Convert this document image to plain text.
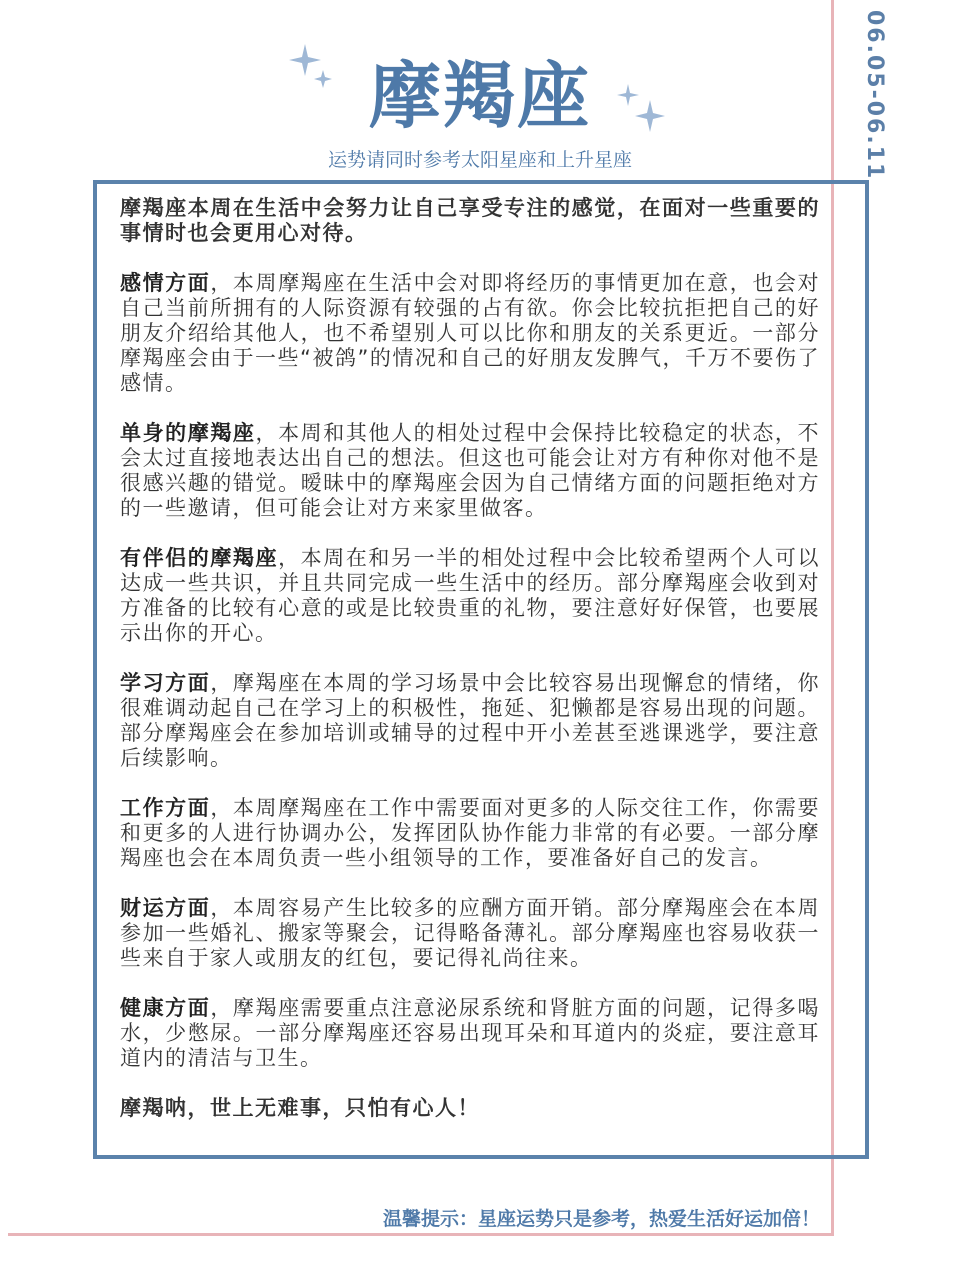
06.05-06.11
摩羯座
运势请同时参考太阳星座和上升星座

摩羯座本周在生活中会努力让自己享受专注的感觉，在面对一些重要的事情时也会更用心对待。

感情方面，本周摩羯座在生活中会对即将经历的事情更加在意，也会对自己当前所拥有的人际资源有较强的占有欲。你会比较抗拒把自己的好朋友介绍给其他人，也不希望别人可以比你和朋友的关系更近。一部分摩羯座会由于一些“被鸽”的情况和自己的好朋友发脾气，千万不要伤了感情。

单身的摩羯座，本周和其他人的相处过程中会保持比较稳定的状态，不会太过直接地表达出自己的想法。但这也可能会让对方有种你对他不是很感兴趣的错觉。暧昧中的摩羯座会因为自己情绪方面的问题拒绝对方的一些邀请，但可能会让对方来家里做客。

有伴侣的摩羯座，本周在和另一半的相处过程中会比较希望两个人可以达成一些共识，并且共同完成一些生活中的经历。部分摩羯座会收到对方准备的比较有心意的或是比较贵重的礼物，要注意好好保管，也要展示出你的开心。

学习方面，摩羯座在本周的学习场景中会比较容易出现懈怠的情绪，你很难调动起自己在学习上的积极性，拖延、犯懒都是容易出现的问题。部分摩羯座会在参加培训或辅导的过程中开小差甚至逃课逃学，要注意后续影响。

工作方面，本周摩羯座在工作中需要面对更多的人际交往工作，你需要和更多的人进行协调办公，发挥团队协作能力非常的有必要。一部分摩羯座也会在本周负责一些小组领导的工作，要准备好自己的发言。

财运方面，本周容易产生比较多的应酬方面开销。部分摩羯座会在本周参加一些婚礼、搬家等聚会，记得略备薄礼。部分摩羯座也容易收获一些来自于家人或朋友的红包，要记得礼尚往来。

健康方面，摩羯座需要重点注意泌尿系统和肾脏方面的问题，记得多喝水，少憋尿。一部分摩羯座还容易出现耳朵和耳道内的炎症，要注意耳道内的清洁与卫生。

摩羯呐，世上无难事，只怕有心人！

温馨提示：星座运势只是参考，热爱生活好运加倍！
